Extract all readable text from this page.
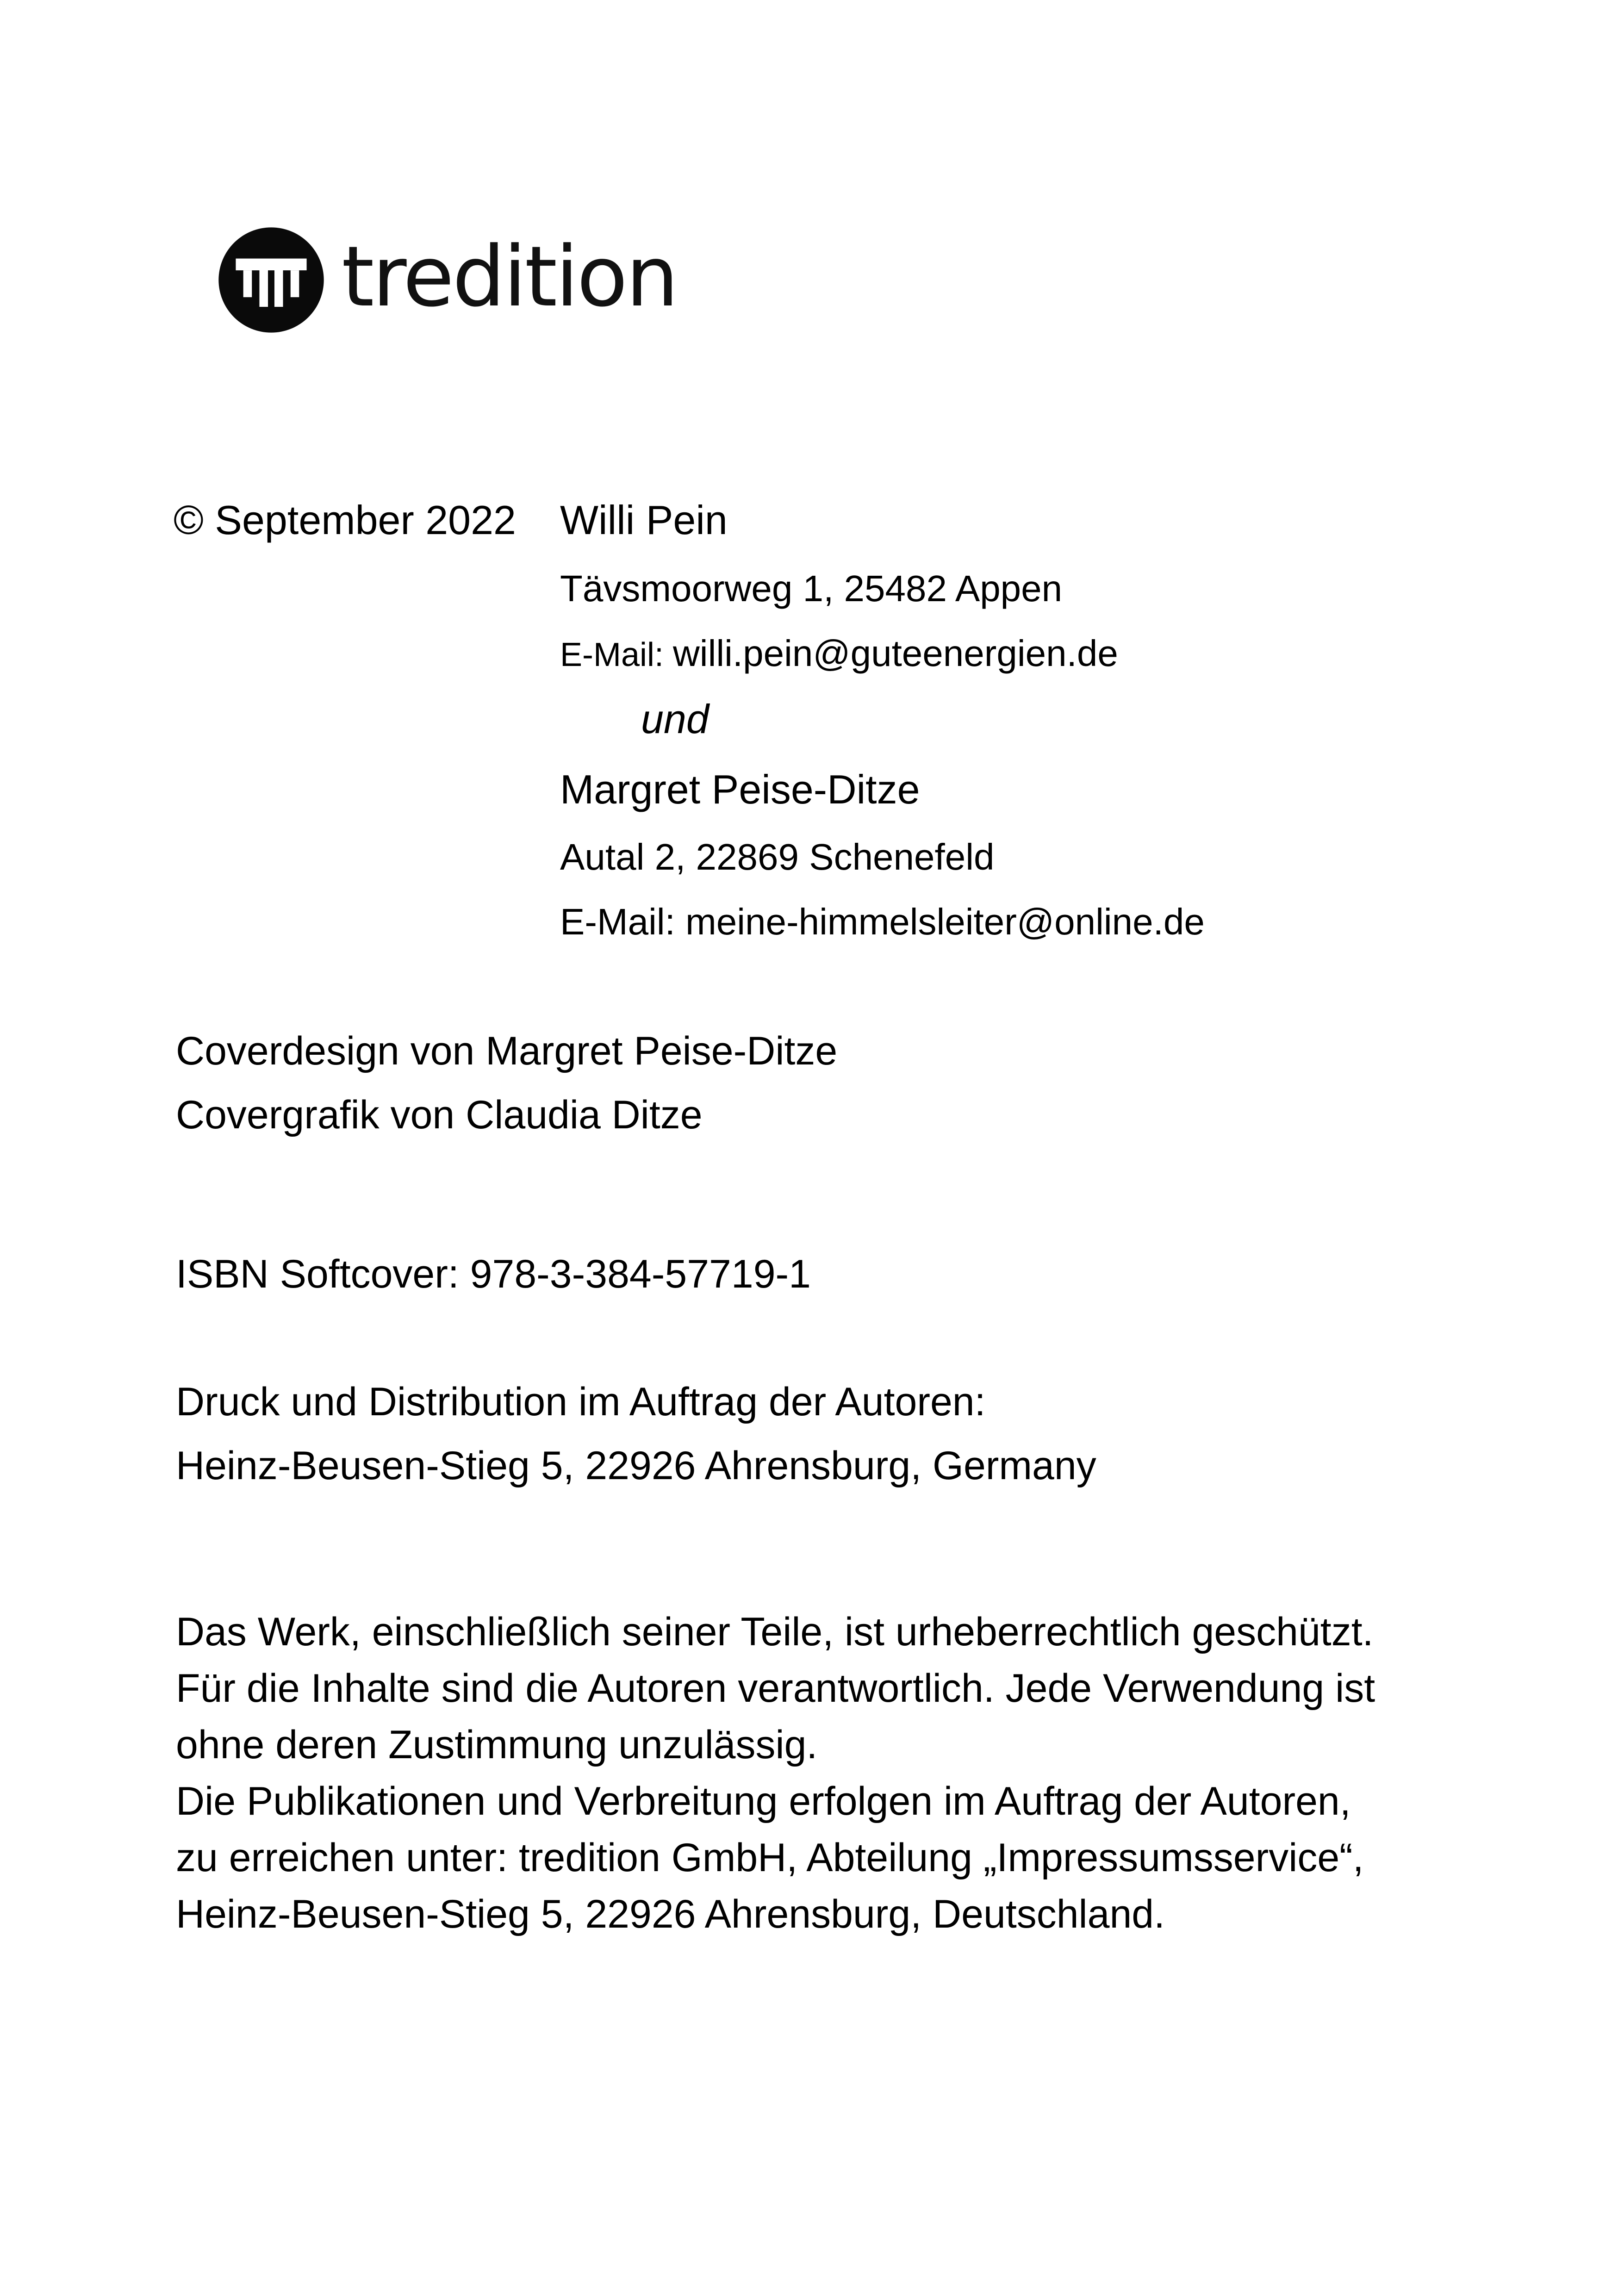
tredition
© September 2022 Willi Pein
Tävsmoorweg 1, 25482 Appen
E-Mail: willi.pein@guteenergien.de
und
Margret Peise-Ditze
Autal 2, 22869 Schenefeld
E-Mail: meine-himmelsleiter@online.de
Coverdesign von Margret Peise-Ditze
Covergrafik von Claudia Ditze
ISBN Softcover: 978-3-384-57719-1
Druck und Distribution im Auftrag der Autoren:
Heinz-Beusen-Stieg 5, 22926 Ahrensburg, Germany

Das Werk, einschließlich seiner Teile, ist urheberrechtlich geschützt.
Für die Inhalte sind die Autoren verantwortlich. Jede Verwendung ist
ohne deren Zustimmung unzulässig.
Die Publikationen und Verbreitung erfolgen im Auftrag der Autoren,
zu erreichen unter: tredition GmbH, Abteilung „Impressumsservice“,
Heinz-Beusen-Stieg 5, 22926 Ahrensburg, Deutschland.
